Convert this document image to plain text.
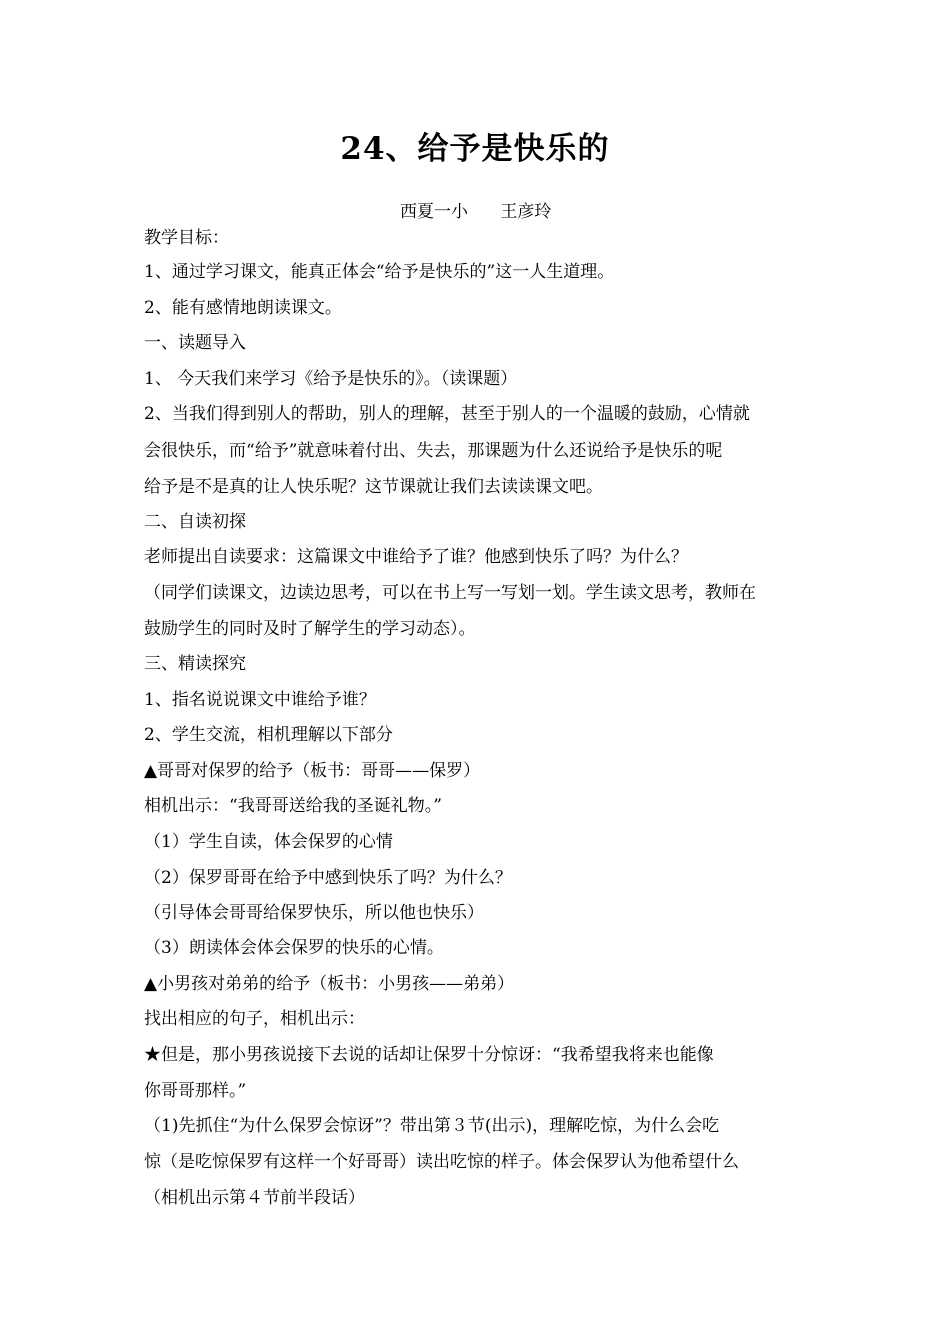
24、给予是快乐的
西夏一小      王彦玲
教学目标：
1、通过学习课文，能真正体会“给予是快乐的”这一人生道理。
2、能有感情地朗读课文。
一、读题导入
1、 今天我们来学习《给予是快乐的》。（读课题）
2、当我们得到别人的帮助，别人的理解，甚至于别人的一个温暖的鼓励，心情就
会很快乐，而“给予”就意味着付出、失去，那课题为什么还说给予是快乐的呢
给予是不是真的让人快乐呢？这节课就让我们去读读课文吧。
二、自读初探
老师提出自读要求：这篇课文中谁给予了谁？他感到快乐了吗？为什么？
（同学们读课文，边读边思考，可以在书上写一写划一划。学生读文思考，教师在
鼓励学生的同时及时了解学生的学习动态）。
三、精读探究
1、指名说说课文中谁给予谁？
2、学生交流，相机理解以下部分
▲哥哥对保罗的给予（板书：哥哥——保罗）
相机出示：“我哥哥送给我的圣诞礼物。”
（1）学生自读，体会保罗的心情
（2）保罗哥哥在给予中感到快乐了吗？为什么？
（引导体会哥哥给保罗快乐，所以他也快乐）
（3）朗读体会体会保罗的快乐的心情。
▲小男孩对弟弟的给予（板书：小男孩——弟弟）
找出相应的句子，相机出示：
★但是，那小男孩说接下去说的话却让保罗十分惊讶：“我希望我将来也能像
你哥哥那样。”
（1)先抓住“为什么保罗会惊讶”？带出第３节(出示)，理解吃惊，为什么会吃
惊（是吃惊保罗有这样一个好哥哥）读出吃惊的样子。体会保罗认为他希望什么
（相机出示第４节前半段话）
